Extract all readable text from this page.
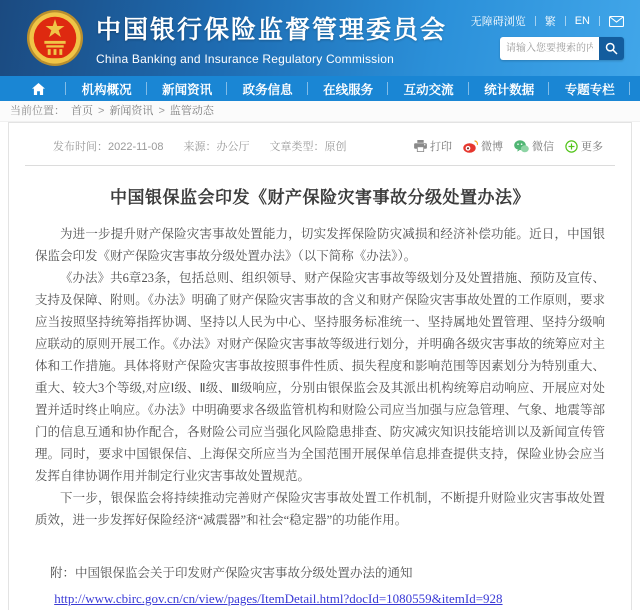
中国银行保险监督管理委员会
China Banking and Insurance Regulatory Commission
无障碍浏览	繁	EN
请输入您要搜索的内容...
机构概况	新闻资讯	政务信息	在线服务	互动交流	统计数据	专题专栏
当前位置： 首页 > 新闻资讯 > 监管动态
发布时间：2022-11-08 来源：办公厅 文章类型：原创	打印	微博	微信 更多
中国银保监会印发《财产保险灾害事故分级处置办法》

为进一步提升财产保险灾害事故处置能力，切实发挥保险防灾减损和经济补偿功能。近日，中国银保监会印发《财产保险灾害事故分级处置办法》（以下简称《办法》）。

《办法》共6章23条，包括总则、组织领导、财产保险灾害事故等级划分及处置措施、预防及宣传、支持及保障、附则。《办法》明确了财产保险灾害事故的含义和财产保险灾害事故处置的工作原则，要求应当按照坚持统筹指挥协调、坚持以人民为中心、坚持服务标准统一、坚持属地处置管理、坚持分级响应联动的原则开展工作。《办法》对财产保险灾害事故等级进行划分，并明确各级灾害事故的统筹应对主体和工作措施。具体将财产保险灾害事故按照事件性质、损失程度和影响范围等因素划分为特别重大、重大、较大3个等级,对应Ⅰ级、Ⅱ级、Ⅲ级响应，分别由银保监会及其派出机构统筹启动响应、开展应对处置并适时终止响应。《办法》中明确要求各级监管机构和财险公司应当加强与应急管理、气象、地震等部门的信息互通和协作配合，各财险公司应当强化风险隐患排查、防灾减灾知识技能培训以及新闻宣传管理。同时，要求中国银保信、上海保交所应当为全国范围开展保单信息排查提供支持，保险业协会应当发挥自律协调作用并制定行业灾害事故处置规范。

下一步，银保监会将持续推动完善财产保险灾害事故处置工作机制，不断提升财险业灾害事故处置质效，进一步发挥好保险经济“减震器”和社会“稳定器”的功能作用。

附：中国银保监会关于印发财产保险灾害事故分级处置办法的通知
http://www.cbirc.gov.cn/cn/view/pages/ItemDetail.html?docId=1080559&itemId=928
